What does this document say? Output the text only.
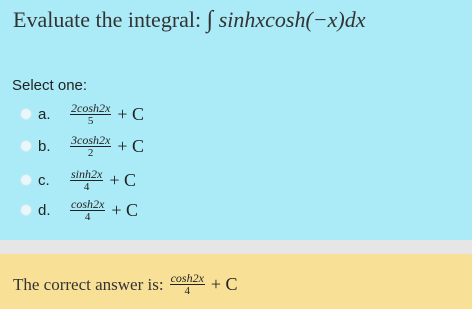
Evaluate the integral: ∫ sinhxcosh(−x)dx
Select one:
a.	$\frac{2\cosh 2x}{5} + C$
b.	$\frac{3\cosh 2x}{2} + C$
c.	$\frac{\sinh 2x}{4} + C$
d.	$\frac{\cosh 2x}{4} + C$
The correct answer is: $\frac{\cosh 2x}{4} + C$
